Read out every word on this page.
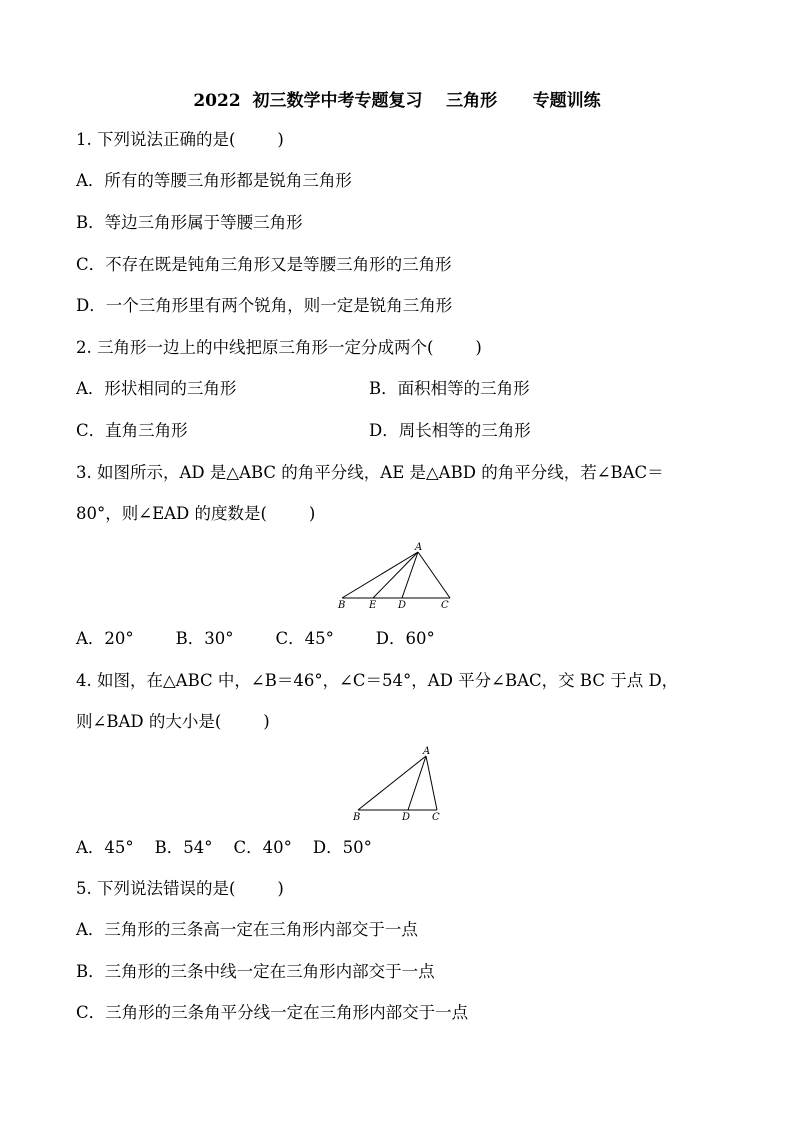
2022  初三数学中考专题复习    三角形      专题训练
1. 下列说法正确的是(        )
A．所有的等腰三角形都是锐角三角形
B．等边三角形属于等腰三角形
C．不存在既是钝角三角形又是等腰三角形的三角形
D．一个三角形里有两个锐角，则一定是锐角三角形
2. 三角形一边上的中线把原三角形一定分成两个(        )
A．形状相同的三角形	B．面积相等的三角形
C．直角三角形	D．周长相等的三角形
3. 如图所示，AD 是△ABC 的角平分线，AE 是△ABD 的角平分线，若∠BAC＝
80°，则∠EAD 的度数是(        )
A
B E D	C
A．20°        B．30°        C．45°        D．60°
4. 如图，在△ABC 中，∠B＝46°，∠C＝54°，AD 平分∠BAC，交 BC 于点 D，
则∠BAD 的大小是(        )
A
B	D C
A．45°    B．54°    C．40°    D．50°
5. 下列说法错误的是(        )
A．三角形的三条高一定在三角形内部交于一点
B．三角形的三条中线一定在三角形内部交于一点
C．三角形的三条角平分线一定在三角形内部交于一点
